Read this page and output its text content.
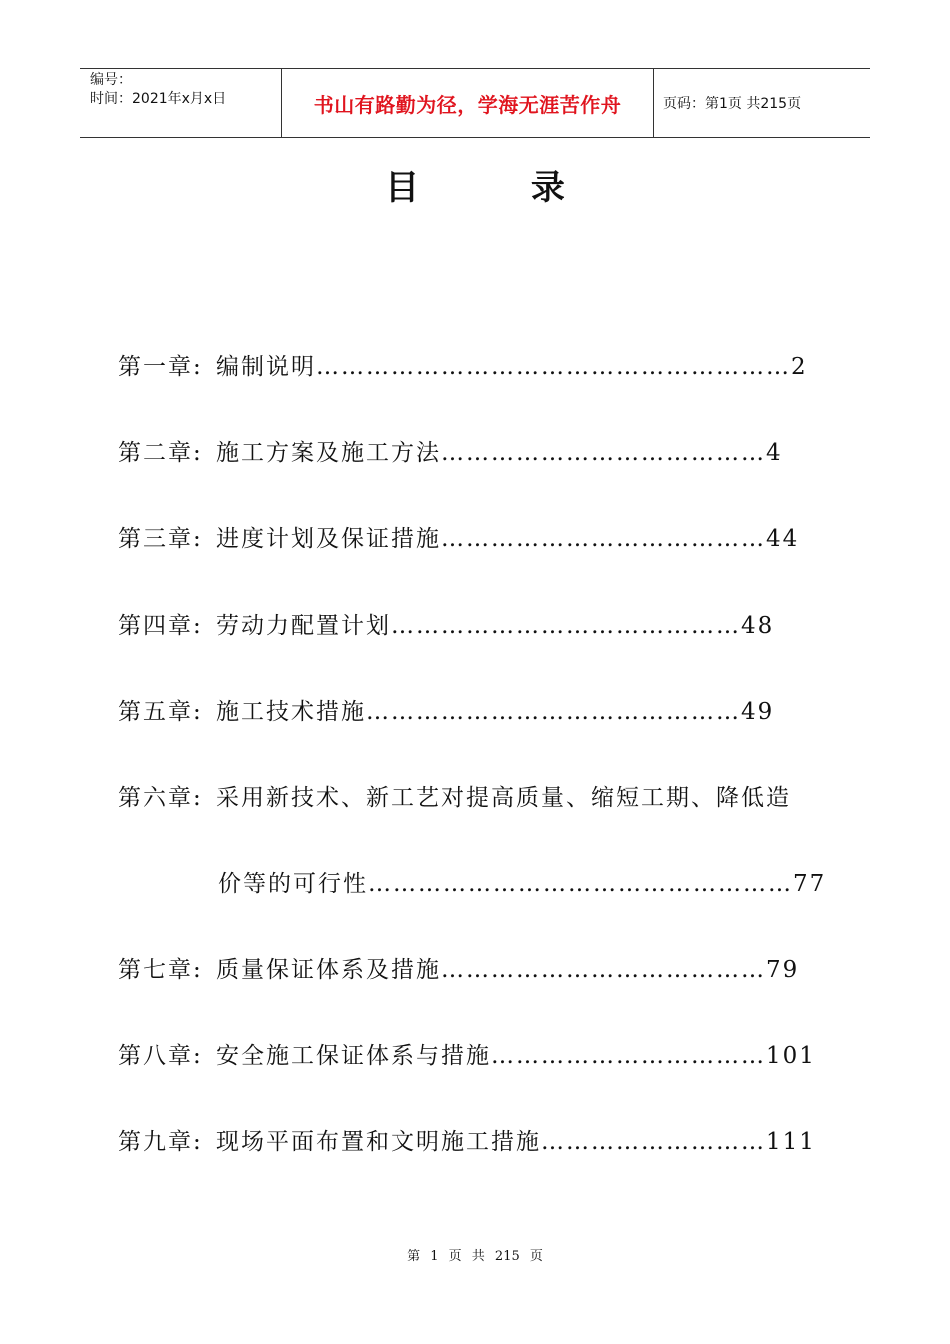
编号：
时间：2021年x月x日	书山有路勤为径，学海无涯苦作舟	页码：第1页 共215页
目 录
第一章: 编制说明…………………………………………………2
第二章: 施工方案及施工方法…………………………………4
第三章: 进度计划及保证措施…………………………………44
第四章: 劳动力配置计划……………………………………48
第五章: 施工技术措施………………………………………49
第六章: 采用新技术、新工艺对提高质量、缩短工期、降低造
价等的可行性……………………………………………77
第七章: 质量保证体系及措施…………………………………79
第八章: 安全施工保证体系与措施……………………………101
第九章: 现场平面布置和文明施工措施………………………111
第 1 页 共 215 页
